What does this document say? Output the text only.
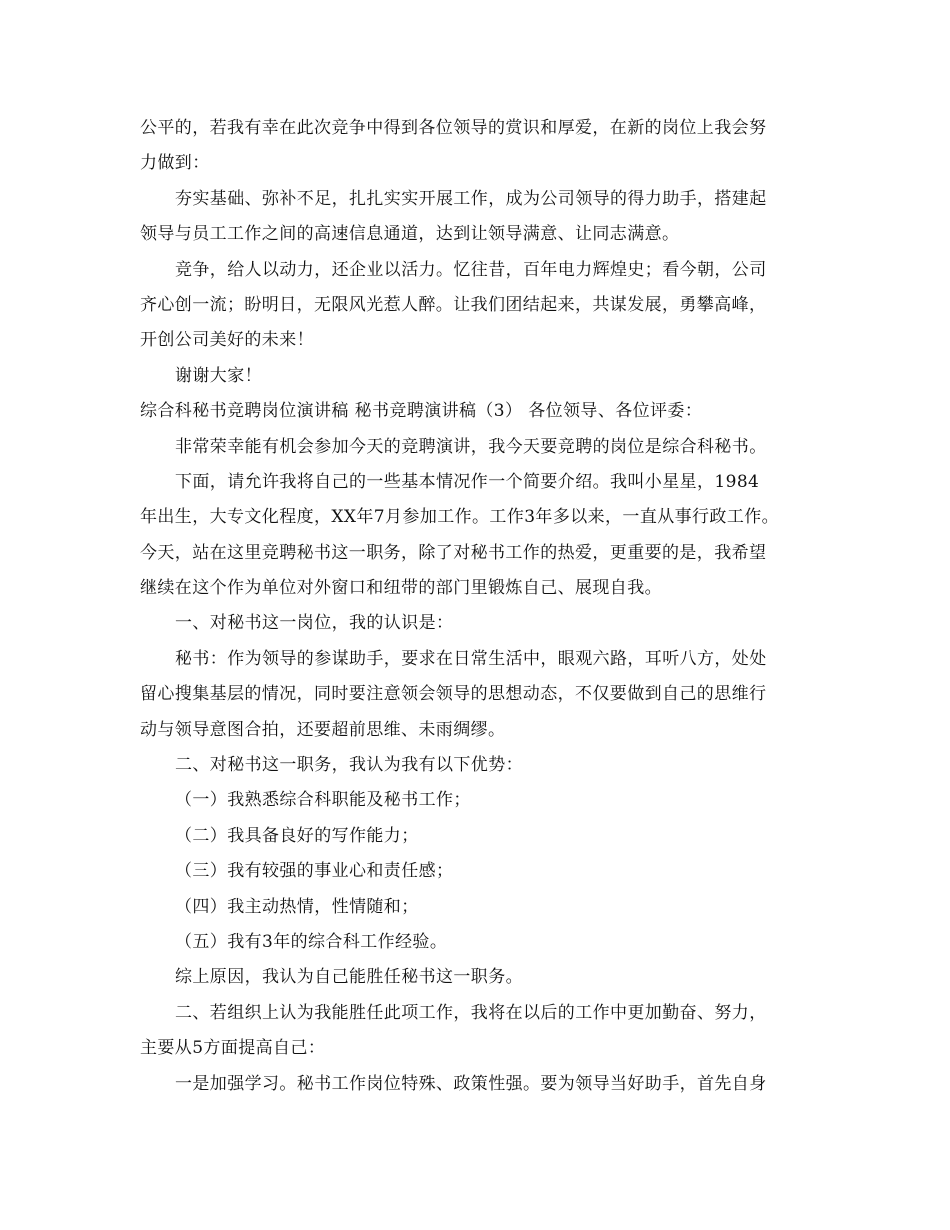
公平的，若我有幸在此次竞争中得到各位领导的赏识和厚爱，在新的岗位上我会努
力做到：
夯实基础、弥补不足，扎扎实实开展工作，成为公司领导的得力助手，搭建起
领导与员工工作之间的高速信息通道，达到让领导满意、让同志满意。
竞争，给人以动力，还企业以活力。忆往昔，百年电力辉煌史；看今朝，公司
齐心创一流；盼明日，无限风光惹人醉。让我们团结起来，共谋发展，勇攀高峰，
开创公司美好的未来！
谢谢大家！
综合科秘书竞聘岗位演讲稿 秘书竞聘演讲稿（3） 各位领导、各位评委：
非常荣幸能有机会参加今天的竞聘演讲，我今天要竞聘的岗位是综合科秘书。
下面，请允许我将自己的一些基本情况作一个简要介绍。我叫小星星，1984
年出生，大专文化程度，XX年7月参加工作。工作3年多以来，一直从事行政工作。
今天，站在这里竞聘秘书这一职务，除了对秘书工作的热爱，更重要的是，我希望
继续在这个作为单位对外窗口和纽带的部门里锻炼自己、展现自我。
一、对秘书这一岗位，我的认识是：
秘书：作为领导的参谋助手，要求在日常生活中，眼观六路，耳听八方，处处
留心搜集基层的情况，同时要注意领会领导的思想动态，不仅要做到自己的思维行
动与领导意图合拍，还要超前思维、未雨绸缪。
二、对秘书这一职务，我认为我有以下优势：
（一）我熟悉综合科职能及秘书工作；
（二）我具备良好的写作能力；
（三）我有较强的事业心和责任感；
（四）我主动热情，性情随和；
（五）我有3年的综合科工作经验。
综上原因，我认为自己能胜任秘书这一职务。
二、若组织上认为我能胜任此项工作，我将在以后的工作中更加勤奋、努力，
主要从5方面提高自己：
一是加强学习。秘书工作岗位特殊、政策性强。要为领导当好助手，首先自身
